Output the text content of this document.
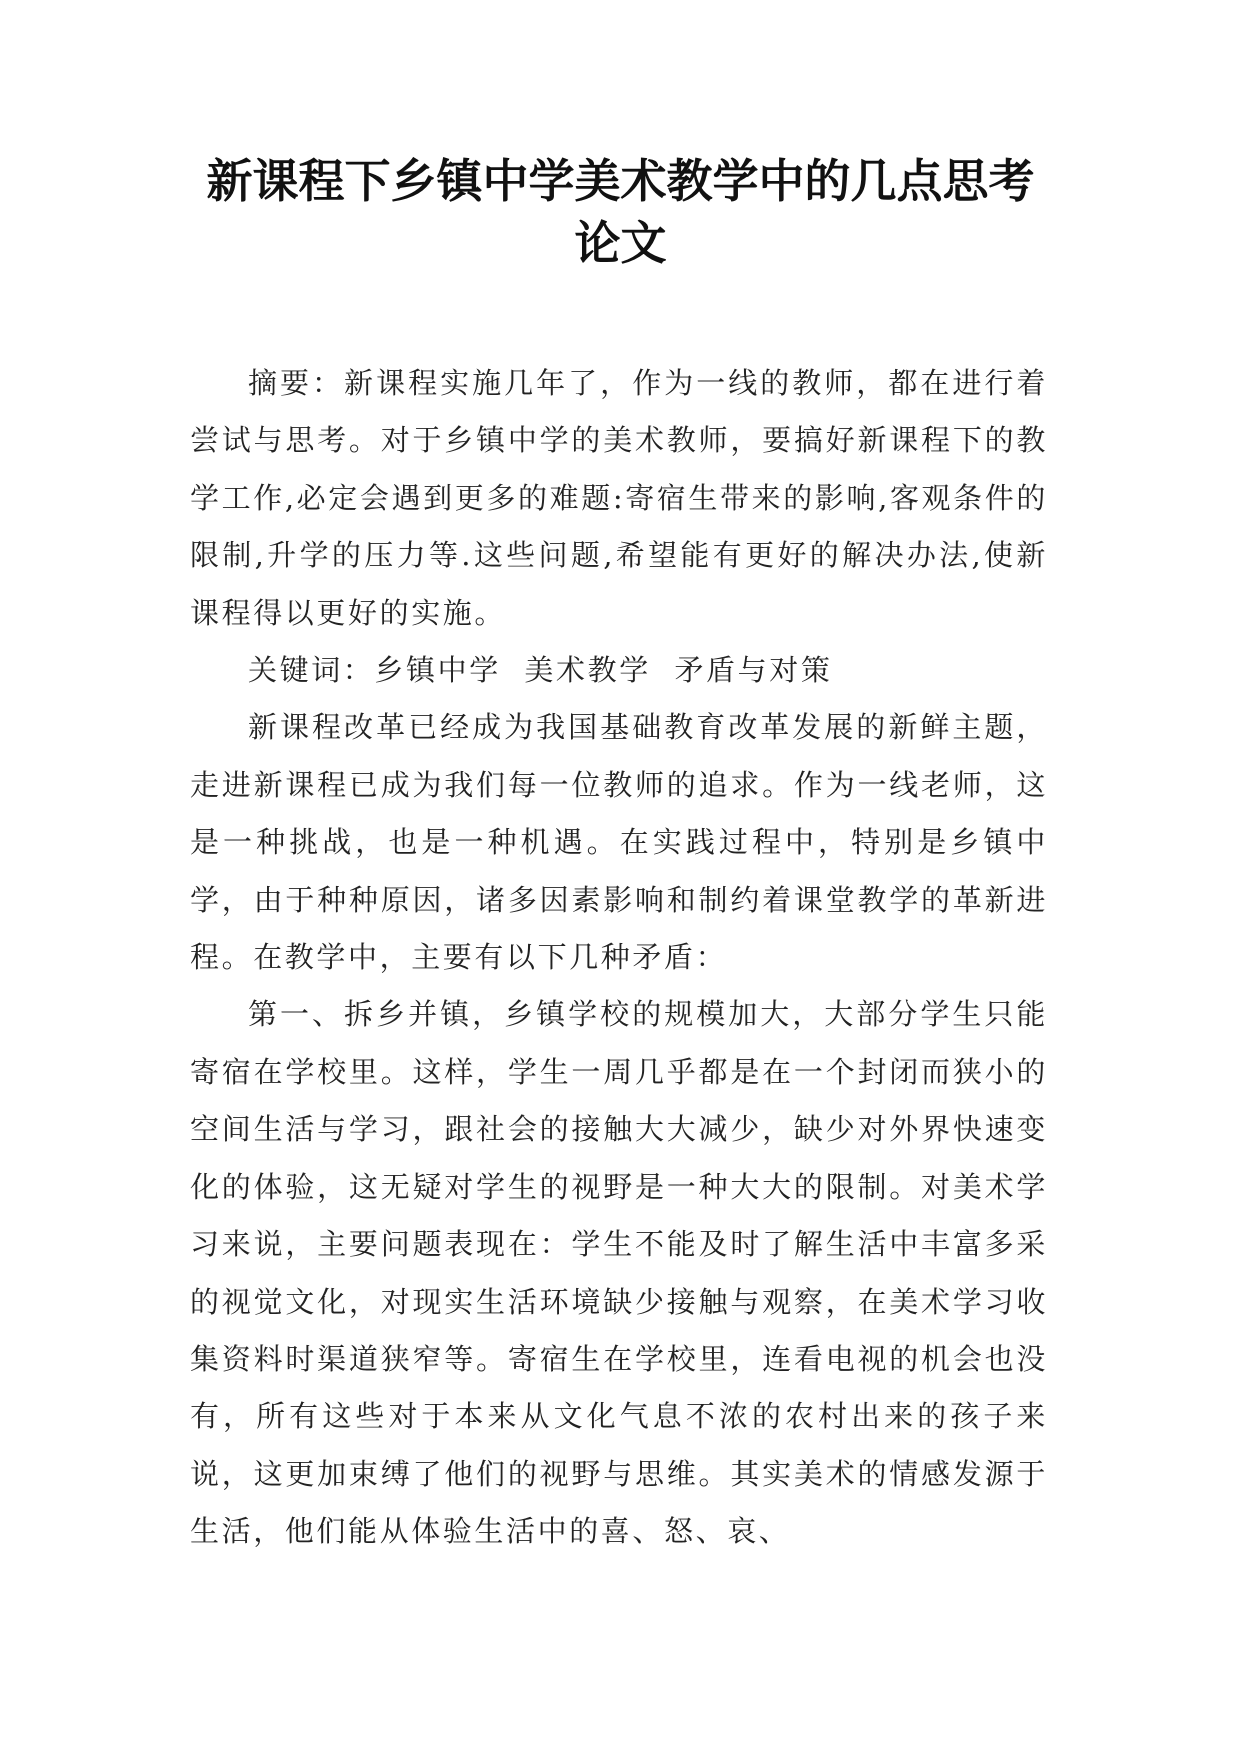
新课程下乡镇中学美术教学中的几点思考
论文

摘要：新课程实施几年了，作为一线的教师，都在进行着尝试与思考。对于乡镇中学的美术教师，要搞好新课程下的教学工作,必定会遇到更多的难题:寄宿生带来的影响,客观条件的限制,升学的压力等.这些问题,希望能有更好的解决办法,使新课程得以更好的实施。

关键词：乡镇中学  美术教学  矛盾与对策

新课程改革已经成为我国基础教育改革发展的新鲜主题，走进新课程已成为我们每一位教师的追求。作为一线老师，这是一种挑战，也是一种机遇。在实践过程中，特别是乡镇中学，由于种种原因，诸多因素影响和制约着课堂教学的革新进程。在教学中，主要有以下几种矛盾：

第一、拆乡并镇，乡镇学校的规模加大，大部分学生只能寄宿在学校里。这样，学生一周几乎都是在一个封闭而狭小的空间生活与学习，跟社会的接触大大减少，缺少对外界快速变化的体验，这无疑对学生的视野是一种大大的限制。对美术学习来说，主要问题表现在：学生不能及时了解生活中丰富多采的视觉文化，对现实生活环境缺少接触与观察，在美术学习收集资料时渠道狭窄等。寄宿生在学校里，连看电视的机会也没有，所有这些对于本来从文化气息不浓的农村出来的孩子来说，这更加束缚了他们的视野与思维。其实美术的情感发源于生活，他们能从体验生活中的喜、怒、哀、
